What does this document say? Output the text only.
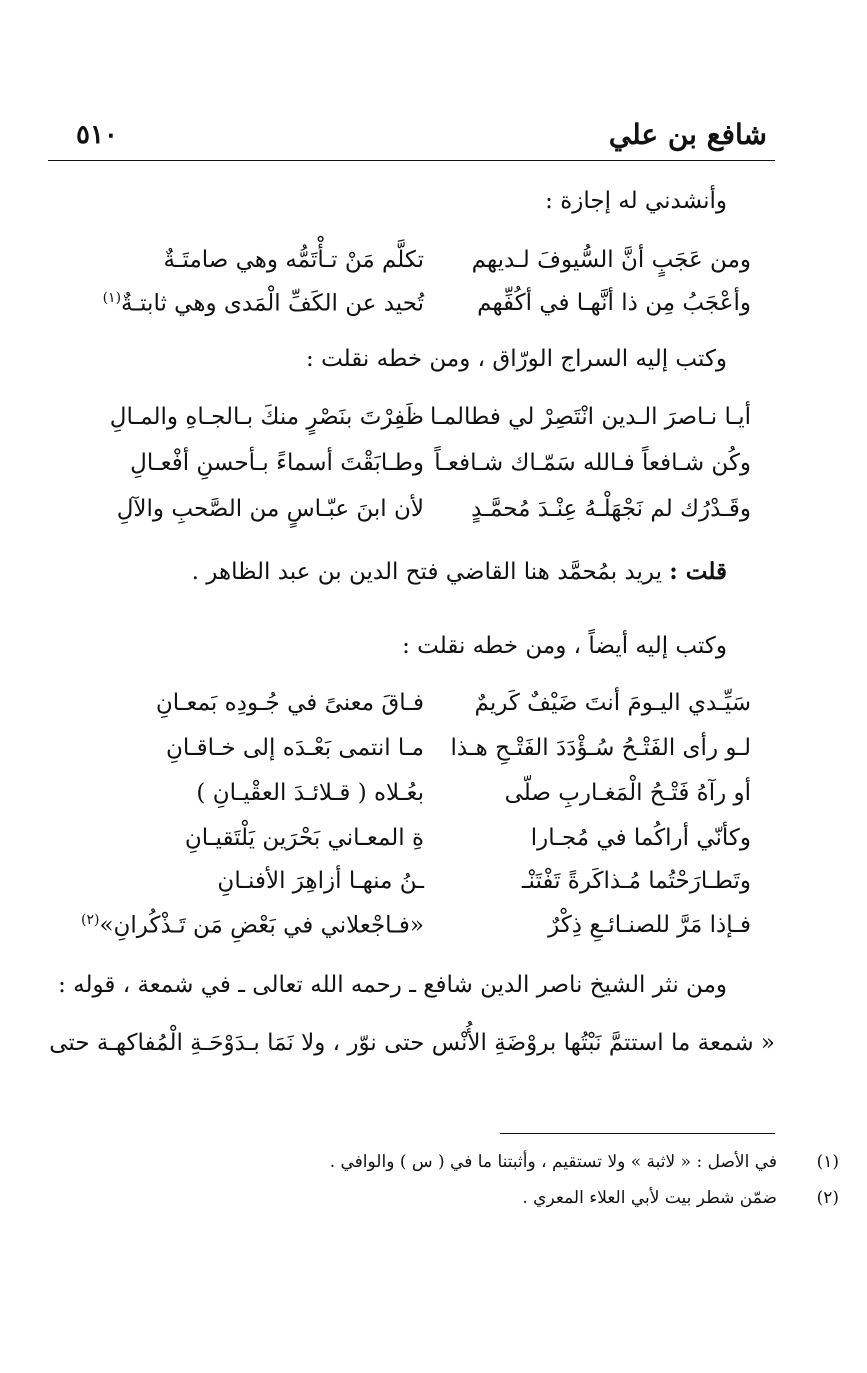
شافع بن علي
٥١٠
وأنشدني له إجازة :
ومن عَجَبٍ أنَّ السُّيوفَ لـديهم
تكلَّم مَنْ تـأْتَمُّه وهي صامتَـةٌ
وأعْجَبُ مِن ذا أنَّهـا في أكُفِّهم
تُحيد عن الكَفِّ الْمَدى وهي ثابتـةٌ$^{(١)}$
وكتب إليه السراج الورّاق ، ومن خطه نقلت :
أيـا نـاصرَ الـدين انْتَصِرْ لي فطالمـا
ظَفِرْتَ بنَصْرٍ منكَ بـالجـاهِ والمـالِ
وكُن شـافعاً فـالله سَمّـاك شـافعـاً
وطـابَقْتَ أسماءً بـأحسنِ أفْعـالِ
وقَـدْرُك لم نَجْهَلْـهُ عِنْـدَ مُحمَّـدٍ
لأن ابنَ عبّـاسٍ من الصَّحبِ والآلِ
قلت : يريد بمُحمَّد هنا القاضي فتح الدين بن عبد الظاهر .
وكتب إليه أيضاً ، ومن خطه نقلت :
سَيِّـدي اليـومَ أنتَ ضَيْفٌ كَريمٌ
فـاقَ معنىً في جُـودِه بَمعـانِ
لـو رأى الفَتْـحُ سُـؤْدَدَ الفَتْـحِ هـذا
مـا انتمى بَعْـدَه إلى خـاقـانِ
أو رآهُ فَتْـحُ الْمَغـاربِ صلّى
بعُـلاه ( قـلائـدَ العقْيـانِ )
وكأنّي أراكُما في مُجـارا
ةِ المعـاني بَحْرَين يَلْتَقيـانِ
وتَطـارَحْتُما مُـذاكَرةً تَفْتَنْـ
ـنُ منهـا أزاهِرَ الأفنـانِ
فـإذا مَرَّ للصنـائـعِ ذِكْرٌ
«فـاجْعلاني في بَعْضِ مَن تَـذْكُرانِ»$^{(٢)}$
ومن نثر الشيخ ناصر الدين شافع ـ رحمه الله تعالى ـ في شمعة ، قوله :
« شمعة ما استتمَّ نَبْتُها بروْضَةِ الأُنْس حتى نوّر ، ولا نَمَا بـدَوْحَـةِ الْمُفاكهـة حتى
(١)
في الأصل : « لاثبة » ولا تستقيم ، وأثبتنا ما في ( س ) والوافي .
(٢)
ضمّن شطر بيت لأبي العلاء المعري .
